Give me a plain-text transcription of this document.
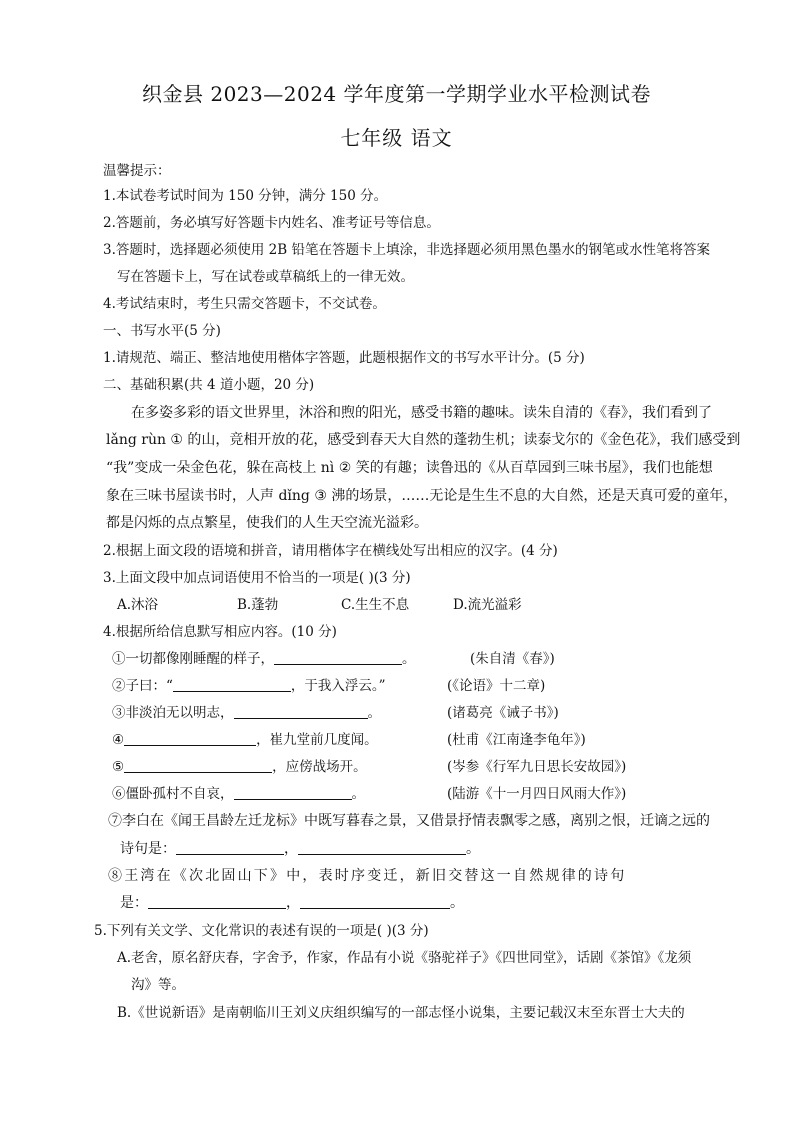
织金县 2023—2024 学年度第一学期学业水平检测试卷
七年级 语文
温馨提示：
1.本试卷考试时间为 150 分钟，满分 150 分。
2.答题前，务必填写好答题卡内姓名、准考证号等信息。
3.答题时，选择题必须使用 2B 铅笔在答题卡上填涂，非选择题必须用黑色墨水的钢笔或水性笔将答案
写在答题卡上，写在试卷或草稿纸上的一律无效。
4.考试结束时，考生只需交答题卡，不交试卷。
一、书写水平(5 分)
1.请规范、端正、整洁地使用楷体字答题，此题根据作文的书写水平计分。(5 分)
二、基础积累(共 4 道小题，20 分)
在多姿多彩的语文世界里，沐浴和煦的阳光，感受书籍的趣味。读朱自清的《春》，我们看到了
lǎng rùn ① 的山，竞相开放的花，感受到春天大自然的蓬勃生机；读泰戈尔的《金色花》，我们感受到
“我”变成一朵金色花，躲在高枝上 nì ② 笑的有趣；读鲁迅的《从百草园到三味书屋》，我们也能想
象在三味书屋读书时，人声 dǐng ③ 沸的场景，……无论是生生不息的大自然，还是天真可爱的童年，
都是闪烁的点点繁星，使我们的人生天空流光溢彩。
2.根据上面文段的语境和拼音，请用楷体字在横线处写出相应的汉字。(4 分)
3.上面文段中加点词语使用不恰当的一项是( )(3 分)
A.沐浴	B.蓬勃	C.生生不息	D.流光溢彩
4.根据所给信息默写相应内容。(10 分)
①一切都像刚睡醒的样子，	。	(朱自清《春》)
②子曰：“	，于我入浮云。”	(《论语》十二章)
③非淡泊无以明志，	。	(诸葛亮《诫子书》)
④	，崔九堂前几度闻。	(杜甫《江南逢李龟年》)
⑤	，应傍战场开。	(岑参《行军九日思长安故园》)
⑥僵卧孤村不自哀，	。	(陆游《十一月四日风雨大作》)
⑦李白在《闻王昌龄左迁龙标》中既写暮春之景，又借景抒情表飘零之感，离别之恨，迁谪之远的
诗句是：	，	。
⑧王湾在《次北固山下》中，表时序变迁，新旧交替这一自然规律的诗句
是：	，	。
5.下列有关文学、文化常识的表述有误的一项是( )(3 分)
A.老舍，原名舒庆春，字舍予，作家，作品有小说《骆驼祥子》《四世同堂》，话剧《茶馆》《龙须
沟》等。
B.《世说新语》是南朝临川王刘义庆组织编写的一部志怪小说集，主要记载汉末至东晋士大夫的
